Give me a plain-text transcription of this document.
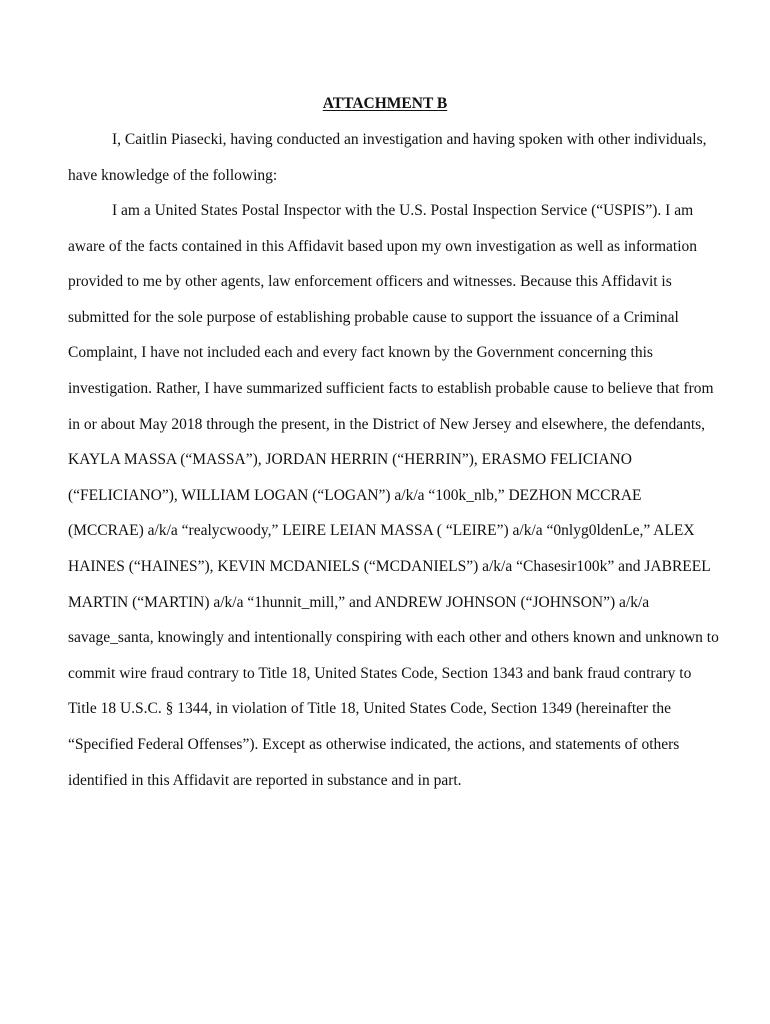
ATTACHMENT B

I, Caitlin Piasecki, having conducted an investigation and having spoken with other individuals,
have knowledge of the following:

I am a United States Postal Inspector with the U.S. Postal Inspection Service (“USPIS”). I am
aware of the facts contained in this Affidavit based upon my own investigation as well as information
provided to me by other agents, law enforcement officers and witnesses. Because this Affidavit is
submitted for the sole purpose of establishing probable cause to support the issuance of a Criminal
Complaint, I have not included each and every fact known by the Government concerning this
investigation. Rather, I have summarized sufficient facts to establish probable cause to believe that from
in or about May 2018 through the present, in the District of New Jersey and elsewhere, the defendants,
KAYLA MASSA (“MASSA”), JORDAN HERRIN (“HERRIN”), ERASMO FELICIANO
(“FELICIANO”), WILLIAM LOGAN (“LOGAN”) a/k/a “100k_nlb,” DEZHON MCCRAE
(MCCRAE) a/k/a “realycwoody,” LEIRE LEIAN MASSA ( “LEIRE”) a/k/a “0nlyg0ldenLe,” ALEX
HAINES (“HAINES”), KEVIN MCDANIELS (“MCDANIELS”) a/k/a “Chasesir100k” and JABREEL
MARTIN (“MARTIN) a/k/a “1hunnit_mill,” and ANDREW JOHNSON (“JOHNSON”) a/k/a
savage_santa, knowingly and intentionally conspiring with each other and others known and unknown to
commit wire fraud contrary to Title 18, United States Code, Section 1343 and bank fraud contrary to
Title 18 U.S.C. § 1344, in violation of Title 18, United States Code, Section 1349 (hereinafter the
“Specified Federal Offenses”). Except as otherwise indicated, the actions, and statements of others
identified in this Affidavit are reported in substance and in part.
